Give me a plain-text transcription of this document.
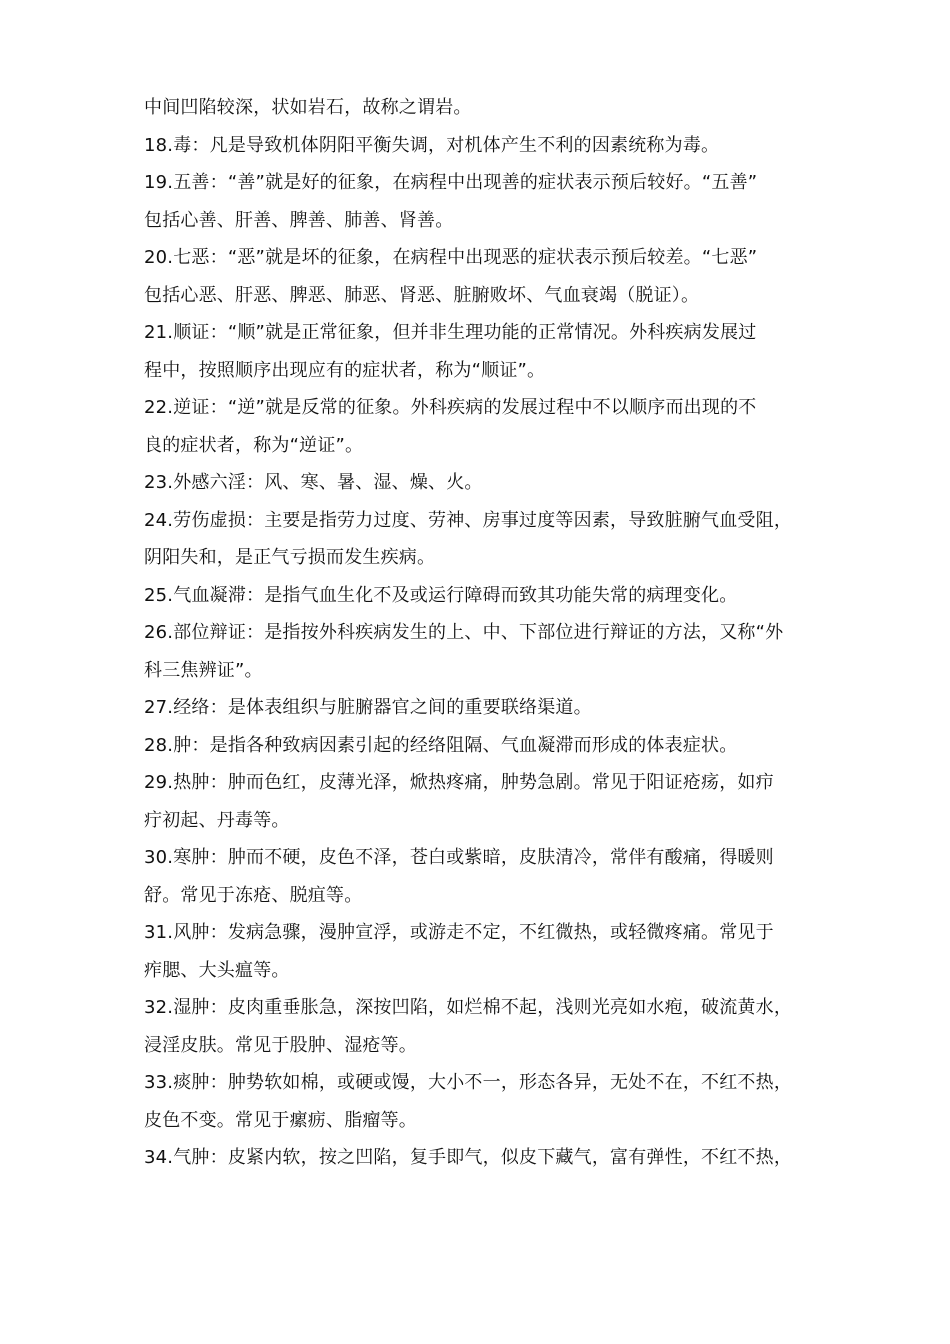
中间凹陷较深，状如岩石，故称之谓岩。
18.毒：凡是导致机体阴阳平衡失调，对机体产生不利的因素统称为毒。
19.五善：“善”就是好的征象，在病程中出现善的症状表示预后较好。“五善”
包括心善、肝善、脾善、肺善、肾善。
20.七恶：“恶”就是坏的征象，在病程中出现恶的症状表示预后较差。“七恶”
包括心恶、肝恶、脾恶、肺恶、肾恶、脏腑败坏、气血衰竭（脱证）。
21.顺证：“顺”就是正常征象，但并非生理功能的正常情况。外科疾病发展过
程中，按照顺序出现应有的症状者，称为“顺证”。
22.逆证：“逆”就是反常的征象。外科疾病的发展过程中不以顺序而出现的不
良的症状者，称为“逆证”。
23.外感六淫：风、寒、暑、湿、燥、火。
24.劳伤虚损：主要是指劳力过度、劳神、房事过度等因素，导致脏腑气血受阻，
阴阳失和，是正气亏损而发生疾病。
25.气血凝滞：是指气血生化不及或运行障碍而致其功能失常的病理变化。
26.部位辩证：是指按外科疾病发生的上、中、下部位进行辩证的方法，又称“外
科三焦辨证”。
27.经络：是体表组织与脏腑器官之间的重要联络渠道。
28.肿：是指各种致病因素引起的经络阻隔、气血凝滞而形成的体表症状。
29.热肿：肿而色红，皮薄光泽，焮热疼痛，肿势急剧。常见于阳证疮疡，如疖
疔初起、丹毒等。
30.寒肿：肿而不硬，皮色不泽，苍白或紫暗，皮肤清冷，常伴有酸痛，得暖则
舒。常见于冻疮、脱疽等。
31.风肿：发病急骤，漫肿宣浮，或游走不定，不红微热，或轻微疼痛。常见于
痄腮、大头瘟等。
32.湿肿：皮肉重垂胀急，深按凹陷，如烂棉不起，浅则光亮如水疱，破流黄水，
浸淫皮肤。常见于股肿、湿疮等。
33.痰肿：肿势软如棉，或硬或馒，大小不一，形态各异，无处不在，不红不热，
皮色不变。常见于瘰疬、脂瘤等。
34.气肿：皮紧内软，按之凹陷，复手即气，似皮下藏气，富有弹性，不红不热，
